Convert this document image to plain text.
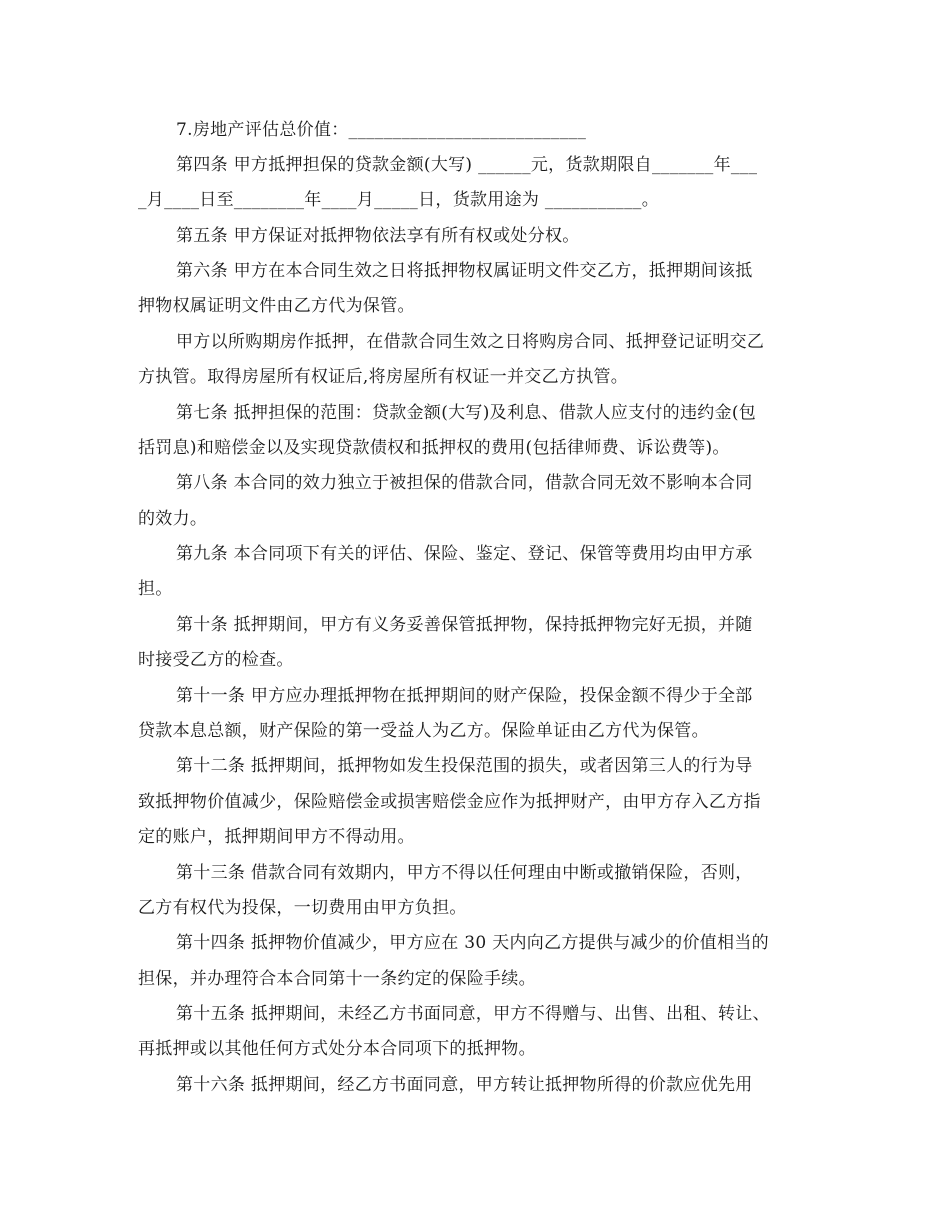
7.房地产评估总价值：___________________________
第四条 甲方抵押担保的贷款金额(大写) ______元，货款期限自_______年___
_月____日至________年____月_____日，货款用途为 ___________。
第五条 甲方保证对抵押物依法享有所有权或处分权。
第六条 甲方在本合同生效之日将抵押物权属证明文件交乙方，抵押期间该抵
押物权属证明文件由乙方代为保管。
甲方以所购期房作抵押，在借款合同生效之日将购房合同、抵押登记证明交乙
方执管。取得房屋所有权证后,将房屋所有权证一并交乙方执管。
第七条 抵押担保的范围：贷款金额(大写)及利息、借款人应支付的违约金(包
括罚息)和赔偿金以及实现贷款债权和抵押权的费用(包括律师费、诉讼费等)。
第八条 本合同的效力独立于被担保的借款合同，借款合同无效不影响本合同
的效力。
第九条 本合同项下有关的评估、保险、鉴定、登记、保管等费用均由甲方承
担。
第十条 抵押期间，甲方有义务妥善保管抵押物，保持抵押物完好无损，并随
时接受乙方的检查。
第十一条 甲方应办理抵押物在抵押期间的财产保险，投保金额不得少于全部
贷款本息总额，财产保险的第一受益人为乙方。保险单证由乙方代为保管。
第十二条 抵押期间，抵押物如发生投保范围的损失，或者因第三人的行为导
致抵押物价值减少，保险赔偿金或损害赔偿金应作为抵押财产，由甲方存入乙方指
定的账户，抵押期间甲方不得动用。
第十三条 借款合同有效期内，甲方不得以任何理由中断或撤销保险，否则，
乙方有权代为投保，一切费用由甲方负担。
第十四条 抵押物价值减少，甲方应在 30 天内向乙方提供与减少的价值相当的
担保，并办理符合本合同第十一条约定的保险手续。
第十五条 抵押期间，未经乙方书面同意，甲方不得赠与、出售、出租、转让、
再抵押或以其他任何方式处分本合同项下的抵押物。
第十六条 抵押期间，经乙方书面同意，甲方转让抵押物所得的价款应优先用
